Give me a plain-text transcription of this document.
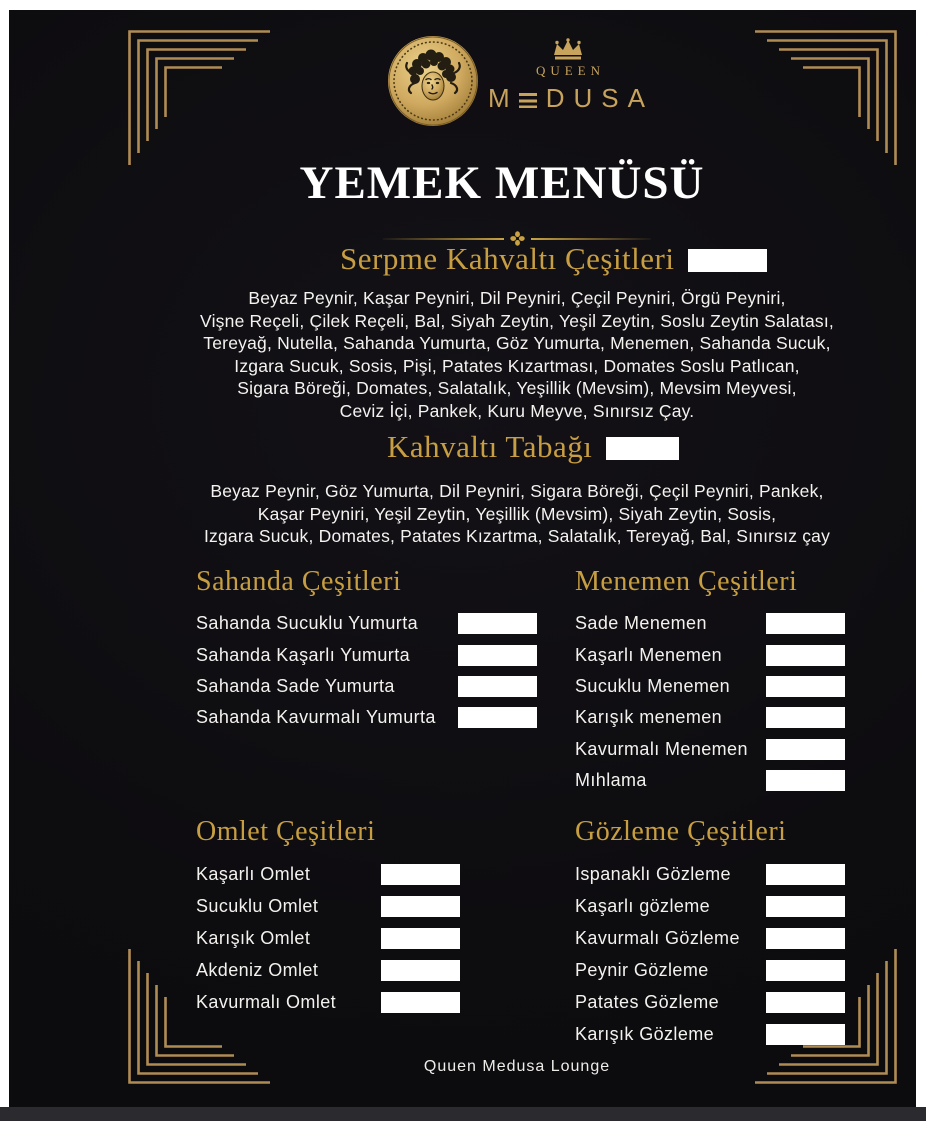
QUEEN
M DUSA
YEMEK MENÜSÜ
Serpme Kahvaltı Çeşitleri
Beyaz Peynir, Kaşar Peyniri, Dil Peyniri, Çeçil Peyniri, Örgü Peyniri,
Vişne Reçeli, Çilek Reçeli, Bal, Siyah Zeytin, Yeşil Zeytin, Soslu Zeytin Salatası,
Tereyağ, Nutella, Sahanda Yumurta, Göz Yumurta, Menemen, Sahanda Sucuk,
Izgara Sucuk, Sosis, Pişi, Patates Kızartması, Domates Soslu Patlıcan,
Sigara Böreği, Domates, Salatalık, Yeşillik (Mevsim), Mevsim Meyvesi,
Ceviz İçi, Pankek, Kuru Meyve, Sınırsız Çay.
Kahvaltı Tabağı
Beyaz Peynir, Göz Yumurta, Dil Peyniri, Sigara Böreği, Çeçil Peyniri, Pankek,
Kaşar Peyniri, Yeşil Zeytin, Yeşillik (Mevsim), Siyah Zeytin, Sosis,
Izgara Sucuk, Domates, Patates Kızartma, Salatalık, Tereyağ, Bal, Sınırsız çay
Sahanda Çeşitleri
Sahanda Sucuklu Yumurta
Sahanda Kaşarlı Yumurta
Sahanda Sade Yumurta
Sahanda Kavurmalı Yumurta
Menemen Çeşitleri
Sade Menemen
Kaşarlı Menemen
Sucuklu Menemen
Karışık menemen
Kavurmalı Menemen
Mıhlama
Omlet Çeşitleri
Kaşarlı Omlet
Sucuklu Omlet
Karışık Omlet
Akdeniz Omlet
Kavurmalı Omlet
Gözleme Çeşitleri
Ispanaklı Gözleme
Kaşarlı gözleme
Kavurmalı Gözleme
Peynir Gözleme
Patates Gözleme
Karışık Gözleme
Quuen Medusa Lounge
